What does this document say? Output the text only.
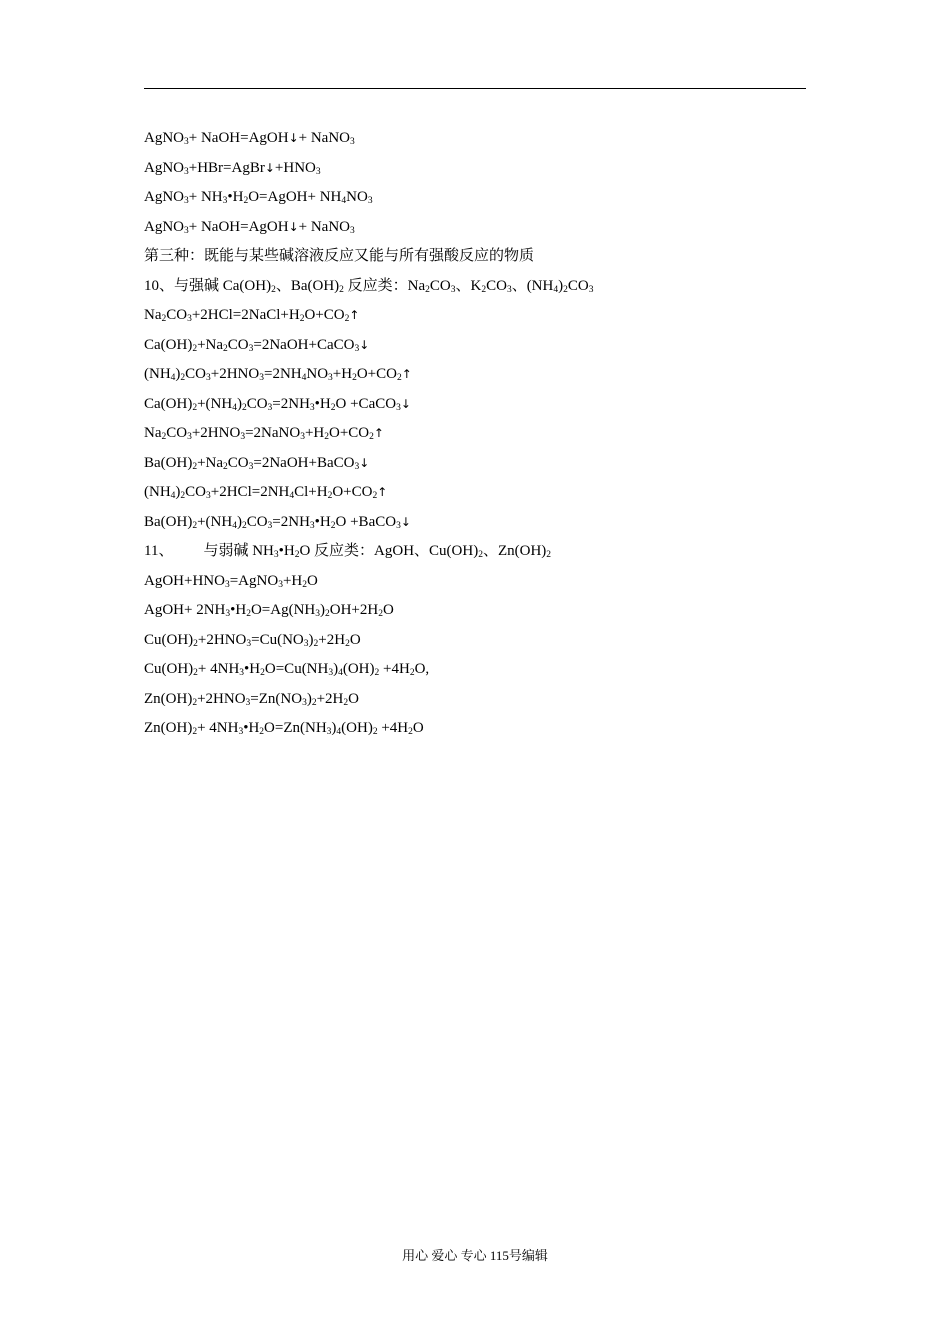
AgNO$_3$+ NaOH=AgOH↓+ NaNO$_3$
$AgNO_3+HBr=AgBr↓+HNO_3$
AgNO$_3$+ $NH_3•H_2O=AgOH+ NH_4NO_3$
AgNO$_3$+ NaOH=AgOH↓+ NaNO$_3$
第三种：既能与某些碱溶液反应又能与所有强酸反应的物质
10、与强碱 $Ca(OH)_2$、$Ba(OH)_2$ 反应类：$Na_2CO_3$、$K_2CO_3$、$(NH_4)_2CO_3$
$Na_2CO_3+2HCl=2NaCl+H_2O+CO_2↑$
$Ca(OH)_2+Na_2CO_3=2NaOH+CaCO_3↓$
$(NH_4)_2CO_3+2HNO_3=2NH_4NO_3+H_2O+CO_2↑$
$Ca(OH)_2+(NH_4)_2CO_3=2NH_3•H_2O$ +CaCO$_3$↓
$Na_2CO_3+2HNO_3=2NaNO_3+H_2O+CO_2↑$
$Ba(OH)_2+Na_2CO_3=2NaOH+BaCO_3↓$
$(NH_4)_2CO_3+2HCl=2NH_4Cl+H_2O+CO_2↑$
$Ba(OH)_2+(NH_4)_2CO_3=2NH_3•H_2O$ +BaCO$_3$↓
11、        与弱碱 $NH_3•H_2O$ 反应类：AgOH、$Cu(OH)_2$、$Zn(OH)_2$
$AgOH+HNO_3=AgNO_3+H_2O$
AgOH+ $2NH_3•H_2O=Ag(NH_3)_2OH+2H_2O$
$Cu(OH)_2+2HNO_3=Cu(NO_3)_2+2H_2O$
$Cu(OH)_2+$ $4NH_3•H_2O=Cu(NH_3)_4(OH)_2 +4H_2O$,
$Zn(OH)_2+2HNO_3=Zn(NO_3)_2+2H_2O$
$Zn(OH)_2+$ $4NH_3•H_2O=Zn(NH_3)_4(OH)_2 +4H_2O$
用心 爱心 专心 115号编辑
